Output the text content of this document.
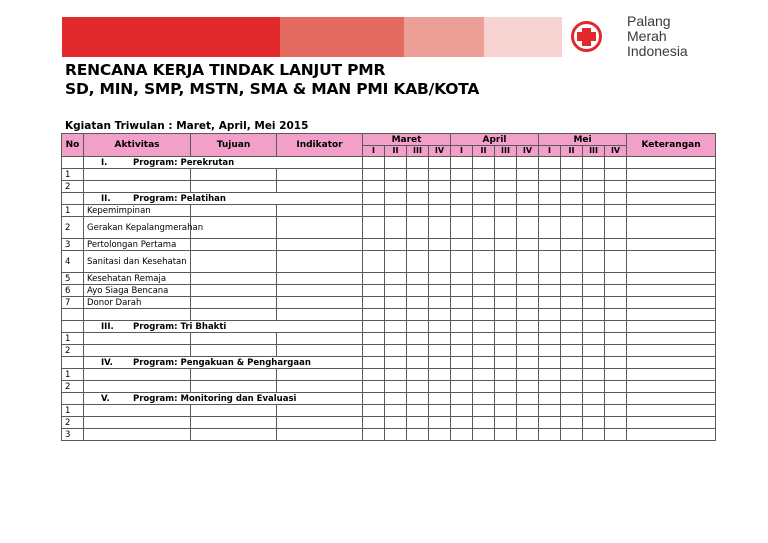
Palang
Merah
Indonesia
RENCANA KERJA TINDAK LANJUT PMR
SD, MIN, SMP, MSTN, SMA & MAN PMI KAB/KOTA
Kgiatan Triwulan : Maret, April, Mei 2015
No	Aktivitas	Tujuan	Indikator	Maret				April				Mei				Keterangan
				I	II	III	IV	I	II	III	IV	I	II	III	IV	
	I. Program: Perekrutan															
1																
2																
	II. Program: Pelatihan															
1	Kepemimpinan															
2	Gerakan Kepalangmerahan															
3	Pertolongan Pertama															
4	Sanitasi dan Kesehatan															
5	Kesehatan Remaja															
6	Ayo Siaga Bencana															
7	Donor Darah															

	III. Program: Tri Bhakti															
1																
2																
	IV. Program: Pengakuan & Penghargaan															
1																
2																
	V. Program: Monitoring dan Evaluasi															
1																
2																
3																
